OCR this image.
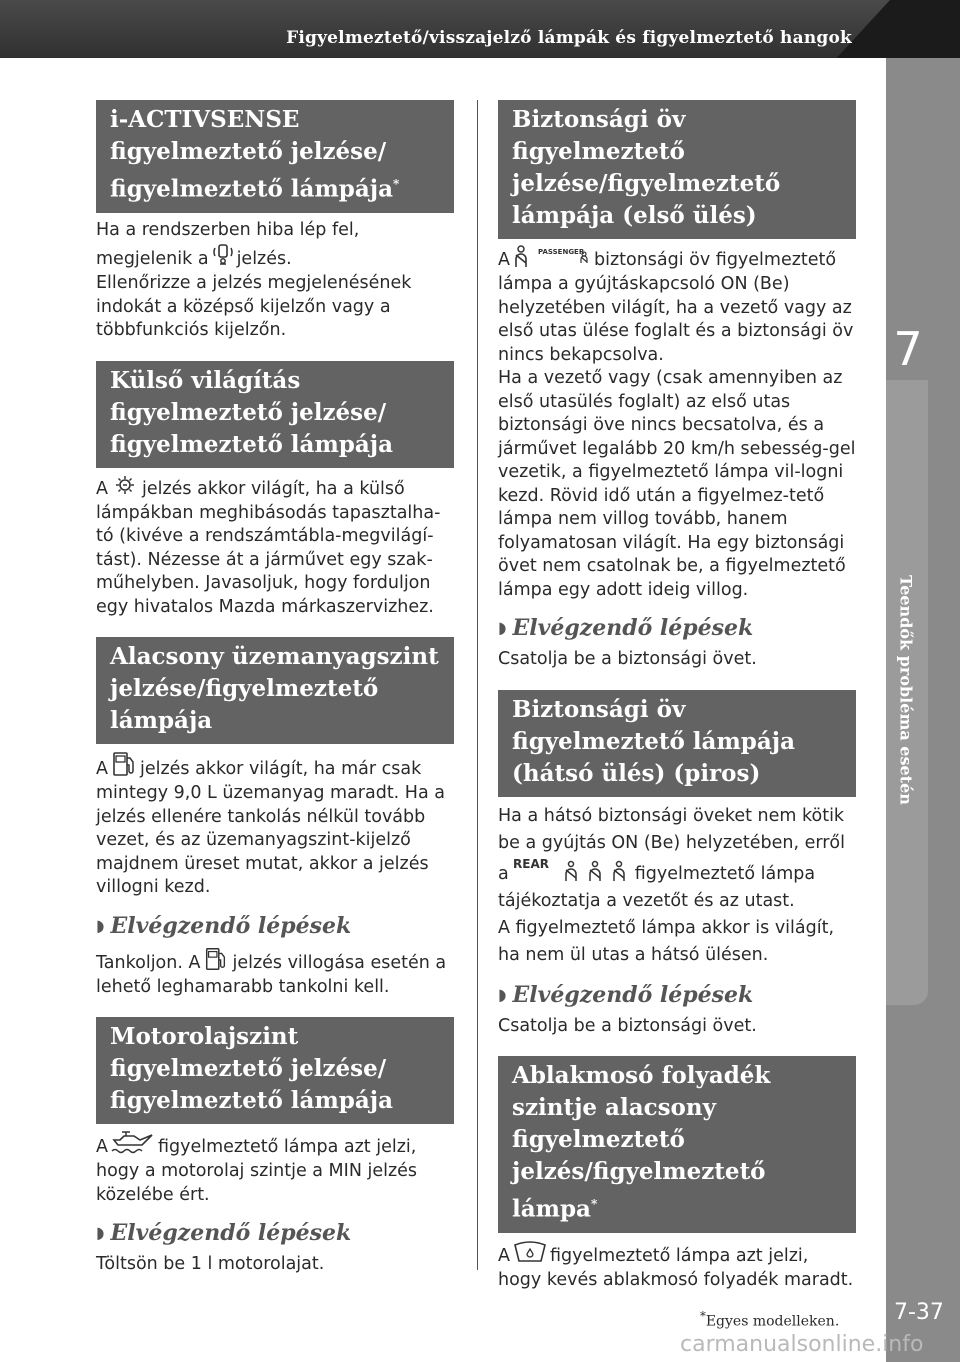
Figyelmeztető/visszajelző lámpák és figyelmeztető hangok
7
Teendők probléma esetén
7-37
i-ACTIVSENSE figyelmeztető jelzése/ figyelmeztető lámpája*

Ha a rendszerben hiba lép fel,
megjelenik a jelzés.
Ellenőrizze a jelzés megjelenésének indokát a középső kijelzőn vagy a többfunkciós kijelzőn.

Külső világítás figyelmeztető jelzése/ figyelmeztető lámpája

A jelzés akkor világít, ha a külső lámpákban meghibásodás tapasztalha-tó (kivéve a rendszámtábla-megvilágí-tást). Nézesse át a járművet egy szak-műhelyben. Javasoljuk, hogy forduljon egy hivatalos Mazda márkaszervizhez.

Alacsony üzemanyagszint jelzése/figyelmeztető lámpája

A jelzés akkor világít, ha már csak mintegy 9,0 L üzemanyag maradt. Ha a jelzés ellenére tankolás nélkül tovább vezet, és az üzemanyagszint-kijelző majdnem üreset mutat, akkor a jelzés villogni kezd.

◗ Elvégzendő lépések

Tankoljon. A jelzés villogása esetén a lehető leghamarabb tankolni kell.

Motorolajszint figyelmeztető jelzése/ figyelmeztető lámpája

A	figyelmeztető lámpa azt jelzi, hogy a motorolaj szintje a MIN jelzés közelébe ért.

◗ Elvégzendő lépések

Töltsön be 1 l motorolajat.

Biztonsági öv figyelmeztető jelzése/figyelmeztető lámpája (első ülés)

A	PASSENGER biztonsági öv figyelmeztető lámpa a gyújtáskapcsoló ON (Be) helyzetében világít, ha a vezető vagy az első utas ülése foglalt és a biztonsági öv nincs bekapcsolva.
Ha a vezető vagy (csak amennyiben az első utasülés foglalt) az első utas biztonsági öve nincs becsatolva, és a járművet legalább 20 km/h sebesség-gel vezetik, a figyelmeztető lámpa vil-logni kezd. Rövid idő után a figyelmez-tető lámpa nem villog tovább, hanem folyamatosan világít. Ha egy biztonsági övet nem csatolnak be, a figyelmeztető lámpa egy adott ideig villog.

◗ Elvégzendő lépések

Csatolja be a biztonsági övet.

Biztonsági öv figyelmeztető lámpája (hátsó ülés) (piros)

Ha a hátsó biztonsági öveket nem kötik be a gyújtás ON (Be) helyzetében, erről
a REAR	figyelmeztető lámpa tájékoztatja a vezetőt és az utast.
A figyelmeztető lámpa akkor is világít, ha nem ül utas a hátsó ülésen.

◗ Elvégzendő lépések

Csatolja be a biztonsági övet.

Ablakmosó folyadék szintje alacsony figyelmeztető jelzés/figyelmeztető lámpa*

A figyelmeztető lámpa azt jelzi, hogy kevés ablakmosó folyadék maradt.

*Egyes modelleken.
carmanualsonline.info
